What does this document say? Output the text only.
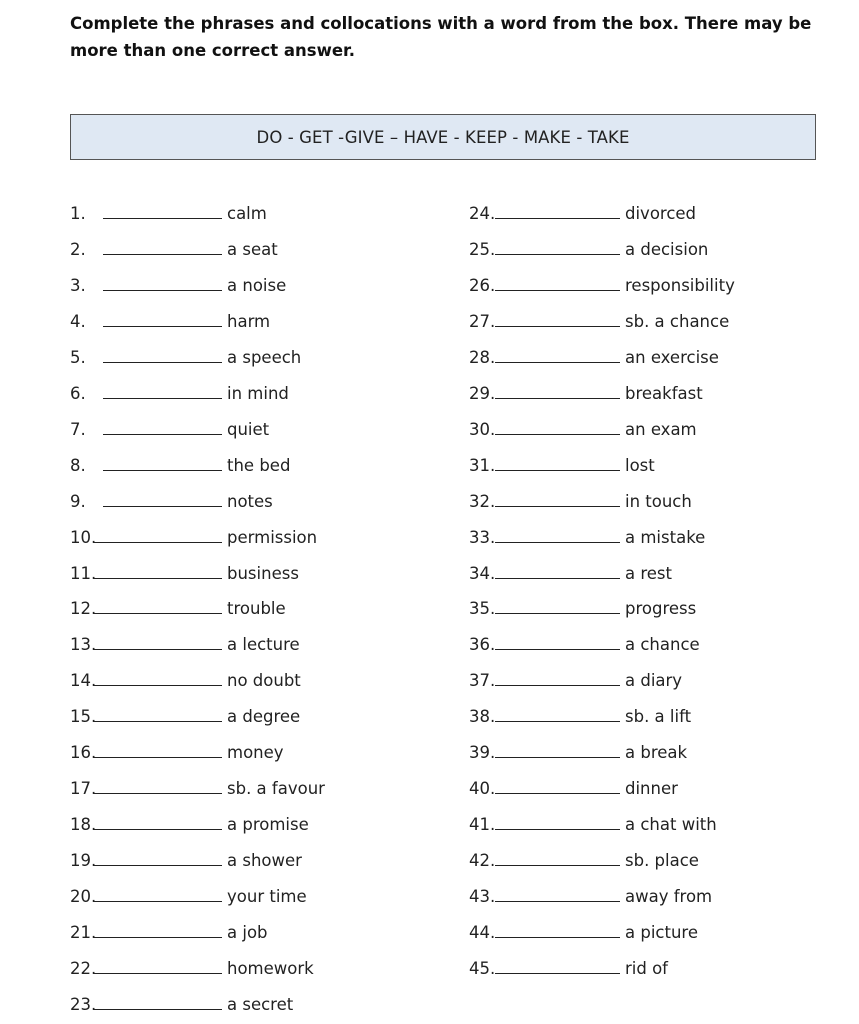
Complete the phrases and collocations with a word from the box. There may be more than one correct answer.
DO - GET -GIVE – HAVE - KEEP - MAKE - TAKE
1.	calm
2.	a seat
3.	a noise
4.	harm
5.	a speech
6.	in mind
7.	quiet
8.	the bed
9.	notes
10.	permission
11.	business
12.	trouble
13.	a lecture
14.	no doubt
15.	a degree
16.	money
17.	sb. a favour
18.	a promise
19.	a shower
20.	your time
21.	a job
22.	homework
23.	a secret
24.	divorced
25.	a decision
26.	responsibility
27.	sb. a chance
28.	an exercise
29.	breakfast
30.	an exam
31.	lost
32.	in touch
33.	a mistake
34.	a rest
35.	progress
36.	a chance
37.	a diary
38.	sb. a lift
39.	a break
40.	dinner
41.	a chat with
42.	sb. place
43.	away from
44.	a picture
45.	rid of
